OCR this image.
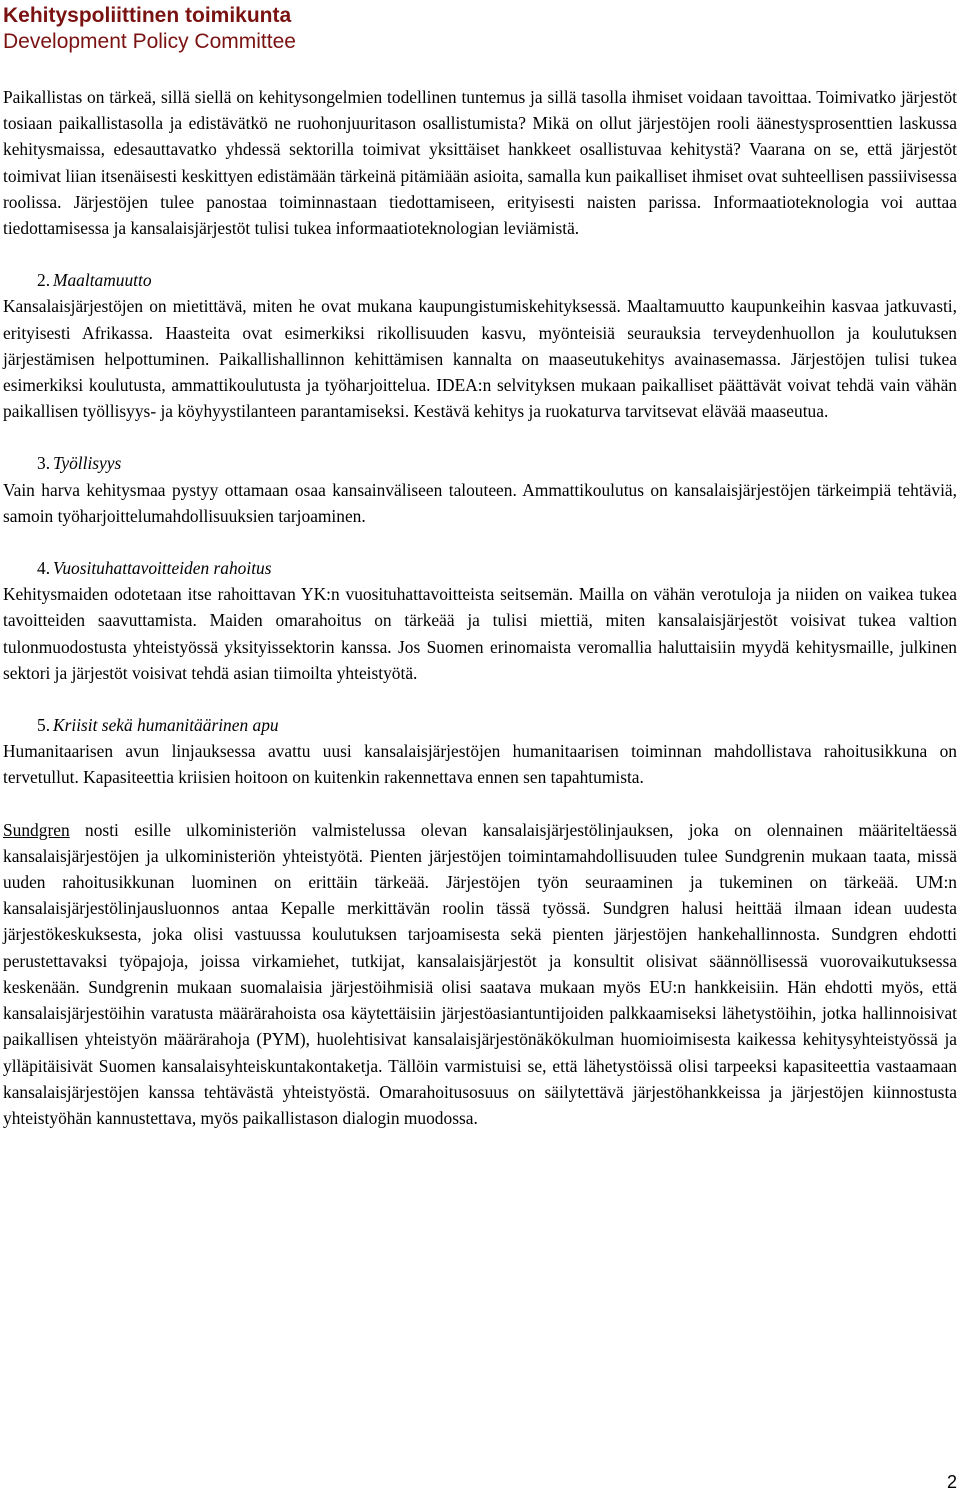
Kehityspoliittinen toimikunta
Development Policy Committee

Paikallistas on tärkeä, sillä siellä on kehitysongelmien todellinen tuntemus ja sillä tasolla ihmiset voidaan tavoittaa. Toimivatko järjestöt tosiaan paikallistasolla ja edistävätkö ne ruohonjuuritason osallistumista? Mikä on ollut järjestöjen rooli äänestysprosenttien laskussa kehitysmaissa, edesauttavatko yhdessä sektorilla toimivat yksittäiset hankkeet osallistuvaa kehitystä? Vaarana on se, että järjestöt toimivat liian itsenäisesti keskittyen edistämään tärkeinä pitämiään asioita, samalla kun paikalliset ihmiset ovat suhteellisen passiivisessa roolissa. Järjestöjen tulee panostaa toiminnastaan tiedottamiseen, erityisesti naisten parissa. Informaatioteknologia voi auttaa tiedottamisessa ja kansalaisjärjestöt tulisi tukea informaatioteknologian leviämistä.

2. Maaltamuutto

Kansalaisjärjestöjen on mietittävä, miten he ovat mukana kaupungistumiskehityksessä. Maaltamuutto kaupunkeihin kasvaa jatkuvasti, erityisesti Afrikassa. Haasteita ovat esimerkiksi rikollisuuden kasvu, myönteisiä seurauksia terveydenhuollon ja koulutuksen järjestämisen helpottuminen. Paikallishallinnon kehittämisen kannalta on maaseutukehitys avainasemassa. Järjestöjen tulisi tukea esimerkiksi koulutusta, ammattikoulutusta ja työharjoittelua. IDEA:n selvityksen mukaan paikalliset päättävät voivat tehdä vain vähän paikallisen työllisyys- ja köyhyystilanteen parantamiseksi. Kestävä kehitys ja ruokaturva tarvitsevat elävää maaseutua.

3. Työllisyys

Vain harva kehitysmaa pystyy ottamaan osaa kansainväliseen talouteen. Ammattikoulutus on kansalaisjärjestöjen tärkeimpiä tehtäviä, samoin työharjoittelumahdollisuuksien tarjoaminen.

4. Vuosituhattavoitteiden rahoitus

Kehitysmaiden odotetaan itse rahoittavan YK:n vuosituhattavoitteista seitsemän. Mailla on vähän verotuloja ja niiden on vaikea tukea tavoitteiden saavuttamista. Maiden omarahoitus on tärkeää ja tulisi miettiä, miten kansalaisjärjestöt voisivat tukea valtion tulonmuodostusta yhteistyössä yksityissektorin kanssa. Jos Suomen erinomaista veromallia haluttaisiin myydä kehitysmaille, julkinen sektori ja järjestöt voisivat tehdä asian tiimoilta yhteistyötä.

5. Kriisit sekä humanitäärinen apu

Humanitaarisen avun linjauksessa avattu uusi kansalaisjärjestöjen humanitaarisen toiminnan mahdollistava rahoitusikkuna on tervetullut. Kapasiteettia kriisien hoitoon on kuitenkin rakennettava ennen sen tapahtumista.

Sundgren nosti esille ulkoministeriön valmistelussa olevan kansalaisjärjestölinjauksen, joka on olennainen määriteltäessä kansalaisjärjestöjen ja ulkoministeriön yhteistyötä. Pienten järjestöjen toimintamahdollisuuden tulee Sundgrenin mukaan taata, missä uuden rahoitusikkunan luominen on erittäin tärkeää. Järjestöjen työn seuraaminen ja tukeminen on tärkeää. UM:n kansalaisjärjestölinjausluonnos antaa Kepalle merkittävän roolin tässä työssä. Sundgren halusi heittää ilmaan idean uudesta järjestökeskuksesta, joka olisi vastuussa koulutuksen tarjoamisesta sekä pienten järjestöjen hankehallinnosta. Sundgren ehdotti perustettavaksi työpajoja, joissa virkamiehet, tutkijat, kansalaisjärjestöt ja konsultit olisivat säännöllisessä vuorovaikutuksessa keskenään. Sundgrenin mukaan suomalaisia järjestöihmisiä olisi saatava mukaan myös EU:n hankkeisiin. Hän ehdotti myös, että kansalaisjärjestöihin varatusta määrärahoista osa käytettäisiin järjestöasiantuntijoiden palkkaamiseksi lähetystöihin, jotka hallinnoisivat paikallisen yhteistyön määrärahoja (PYM), huolehtisivat kansalaisjärjestönäkökulman huomioimisesta kaikessa kehitysyhteistyössä ja ylläpitäisivät Suomen kansalaisyhteiskuntakontaketja. Tällöin varmistuisi se, että lähetystöissä olisi tarpeeksi kapasiteettia vastaamaan kansalaisjärjestöjen kanssa tehtävästä yhteistyöstä. Omarahoitusosuus on säilytettävä järjestöhankkeissa ja järjestöjen kiinnostusta yhteistyöhän kannustettava, myös paikallistason dialogin muodossa.

2
